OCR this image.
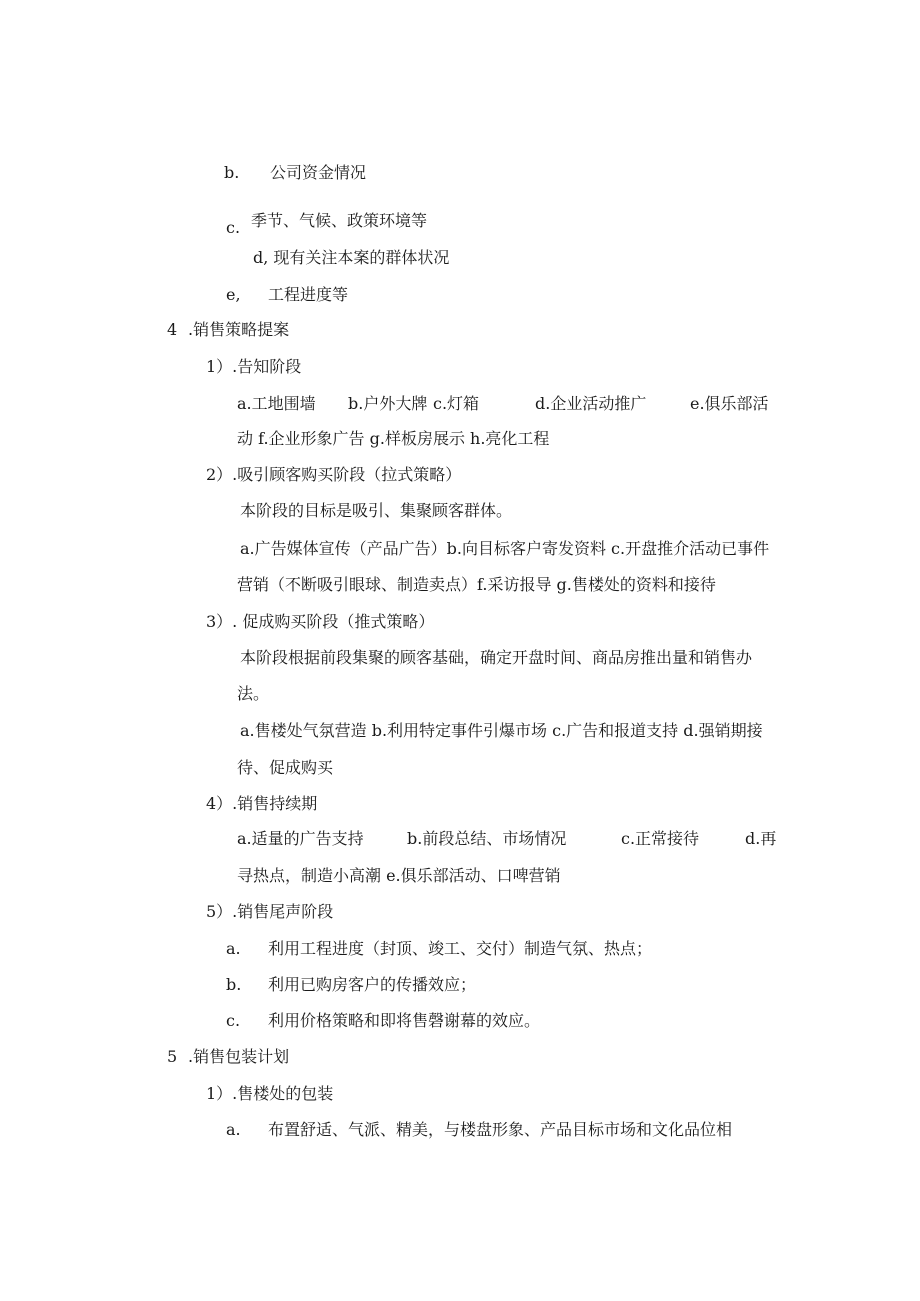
b. 公司资金情况
c. 季节、气候、政策环境等
d, 现有关注本案的群体状况
e, 工程进度等
4 .销售策略提案
1）.告知阶段
a.工地围墙 b.户外大牌 c.灯箱	d.企业活动推广	e.俱乐部活
动 f.企业形象广告 g.样板房展示 h.亮化工程
2）.吸引顾客购买阶段（拉式策略）
本阶段的目标是吸引、集聚顾客群体。
a.广告媒体宣传（产品广告）b.向目标客户寄发资料 c.开盘推介活动已事件
营销（不断吸引眼球、制造卖点）f.采访报导 g.售楼处的资料和接待
3）. 促成购买阶段（推式策略）
本阶段根据前段集聚的顾客基础，确定开盘时间、商品房推出量和销售办
法。
a.售楼处气氛营造 b.利用特定事件引爆市场 c.广告和报道支持 d.强销期接
待、促成购买
4）.销售持续期
a.适量的广告支持	b.前段总结、市场情况	c.正常接待	d.再
寻热点，制造小高潮 e.俱乐部活动、口啤营销
5）.销售尾声阶段
a. 利用工程进度（封顶、竣工、交付）制造气氛、热点；
b. 利用已购房客户的传播效应；
c. 利用价格策略和即将售磬谢幕的效应。
5 .销售包装计划
1）.售楼处的包装
a. 布置舒适、气派、精美，与楼盘形象、产品目标市场和文化品位相
